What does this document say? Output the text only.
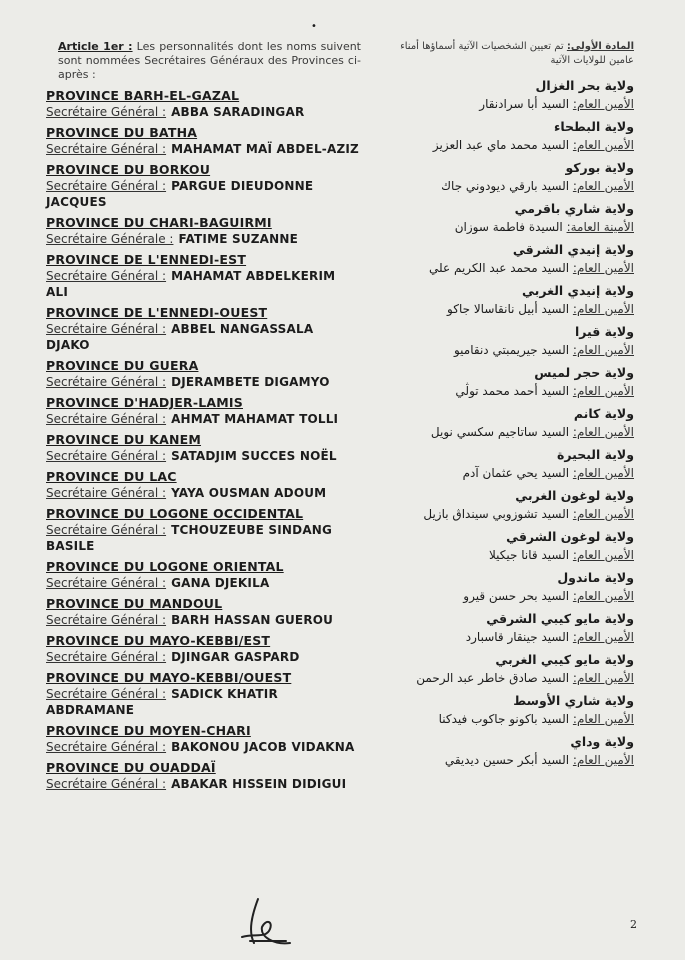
•
Article 1er : Les personnalités dont les noms suivent sont nommées Secrétaires Généraux des Provinces ci-après :
PROVINCE BARH-EL-GAZAL
Secrétaire Général : ABBA SARADINGAR
PROVINCE DU BATHA
Secrétaire Général : MAHAMAT MAÏ ABDEL-AZIZ
PROVINCE DU BORKOU
Secrétaire Général : PARGUE DIEUDONNE JACQUES
PROVINCE DU CHARI-BAGUIRMI
Secrétaire Générale : FATIME SUZANNE
PROVINCE DE L'ENNEDI-EST
Secrétaire Général : MAHAMAT ABDELKERIM ALI
PROVINCE DE L'ENNEDI-OUEST
Secrétaire Général : ABBEL NANGASSALA DJAKO
PROVINCE DU GUERA
Secrétaire Général : DJERAMBETE DIGAMYO
PROVINCE D'HADJER-LAMIS
Secrétaire Général : AHMAT MAHAMAT TOLLI
PROVINCE DU KANEM
Secrétaire Général : SATADJIM SUCCES NOËL
PROVINCE DU LAC
Secrétaire Général : YAYA OUSMAN ADOUM
PROVINCE DU LOGONE OCCIDENTAL
Secrétaire Général : TCHOUZEUBE SINDANG BASILE
PROVINCE DU LOGONE ORIENTAL
Secrétaire Général : GANA DJEKILA
PROVINCE DU MANDOUL
Secrétaire Général : BARH HASSAN GUEROU
PROVINCE DU MAYO-KEBBI/EST
Secrétaire Général : DJINGAR GASPARD
PROVINCE DU MAYO-KEBBI/OUEST
Secrétaire Général : SADICK KHATIR ABDRAMANE
PROVINCE DU MOYEN-CHARI
Secrétaire Général : BAKONOU JACOB VIDAKNA
PROVINCE DU OUADDAÏ
Secrétaire Général : ABAKAR HISSEIN DIDIGUI
المادة الأولى: تم تعيين الشخصيات الآتية أسماؤها أمناء عامين للولايات الآتية
ولاية بحر الغزال
الأمين العام: السيد أبا سرادنقار
ولاية البطحاء
الأمين العام: السيد محمد ماي عبد العزيز
ولاية بوركو
الأمين العام: السيد بارقي ديودوني جاك
ولاية شاري باقرمي
الأمينة العامة: السيدة فاطمة سوزان
ولاية إنيدي الشرقي
الأمين العام: السيد محمد عبد الكريم علي
ولاية إنيدي الغربي
الأمين العام: السيد أبيل نانقاسالا جاكو
ولاية قيرا
الأمين العام: السيد جيريمبتي دنقاميو
ولاية حجر لميس
الأمين العام: السيد أحمد محمد توڷي
ولاية كانم
الأمين العام: السيد ساتاجيم سكسي نويل
ولاية البحيرة
الأمين العام: السيد يحي عثمان آدم
ولاية لوغون الغربي
الأمين العام: السيد تشوزوبي سينداڨ بازيل
ولاية لوغون الشرقي
الأمين العام: السيد قانا جيكيلا
ولاية ماندول
الأمين العام: السيد بحر حسن قيرو
ولاية مايو كيبي الشرقي
الأمين العام: السيد جينقار قاسبارد
ولاية مايو كيبي الغربي
الأمين العام: السيد صادق خاطر عبد الرحمن
ولاية شاري الأوسط
الأمين العام: السيد باكونو جاكوب فيدكنا
ولاية وداي
الأمين العام: السيد أبكر حسين ديديقي
2
